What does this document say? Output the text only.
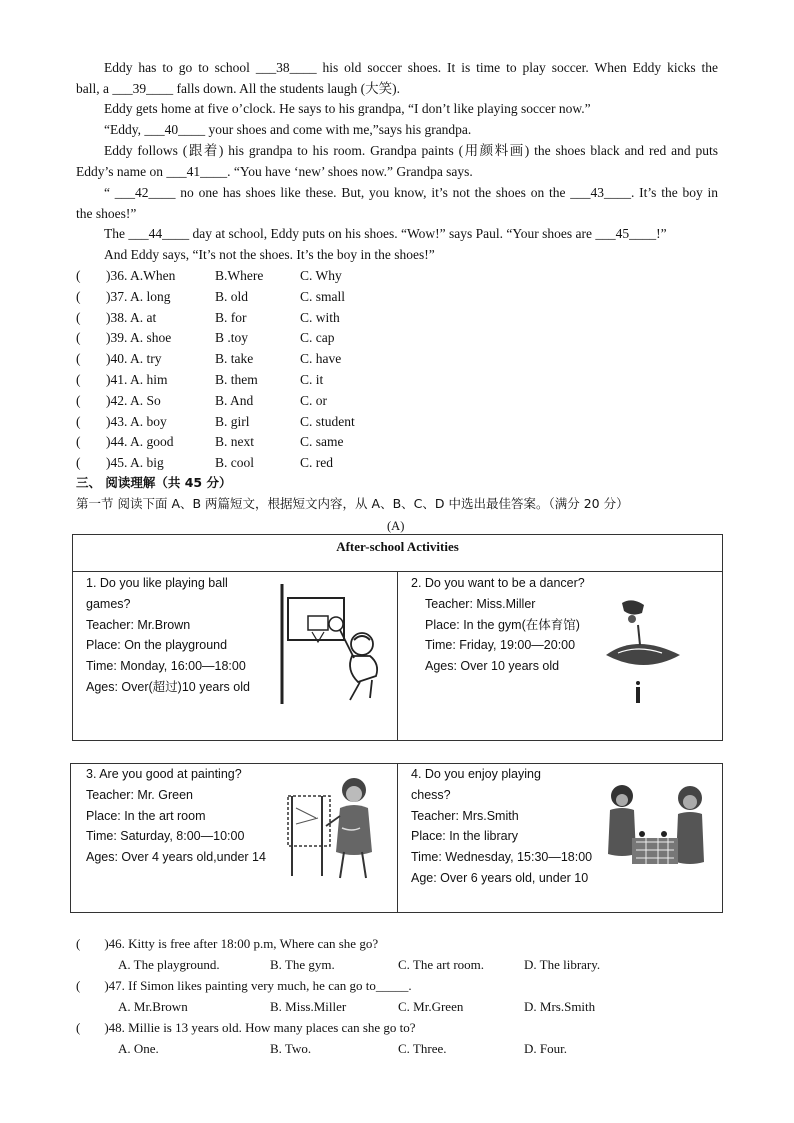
Eddy has to go to school ___38____ his old soccer shoes. It is time to play soccer. When Eddy kicks the
ball, a ___39____ falls down. All the students laugh (大笑).
Eddy gets home at five o’clock. He says to his grandpa, “I don’t like playing soccer now.”
“Eddy, ___40____ your shoes and come with me,”says his grandpa.
Eddy follows (跟着) his grandpa to his room. Grandpa paints (用颜料画) the shoes black and red and puts
Eddy’s name on ___41____. “You have ‘new’ shoes now.” Grandpa says.
“ ___42____ no one has shoes like these. But, you know, it’s not the shoes on the ___43____. It’s the boy in
the shoes!”
The ___44____ day at school, Eddy puts on his shoes. “Wow!” says Paul. “Your shoes are ___45____!”
And Eddy says, “It’s not the shoes. It’s the boy in the shoes!”
( )36. A.When	B.Where	C. Why
( )37. A. long	B. old	C. small
( )38. A. at	B. for	C. with
( )39. A. shoe	B .toy	C. cap
( )40. A. try	B. take	C. have
( )41. A. him	B. them	C. it
( )42. A. So	B. And	C. or
( )43. A. boy	B. girl	C. student
( )44. A. good	B. next	C. same
( )45. A. big	B. cool	C. red
三、 阅读理解（共 45 分）
第一节 阅读下面 A、B 两篇短文，根据短文内容，从 A、B、C、D 中选出最佳答案。（满分 20 分）
(A)
After-school Activities
1. Do you like playing ball
games?
Teacher: Mr.Brown
Place: On the playground
Time: Monday, 16:00—18:00
Ages: Over(超过)10 years old
2. Do you want to be a dancer?
Teacher: Miss.Miller
Place: In the gym(在体育馆)
Time: Friday, 19:00—20:00
Ages: Over 10 years old
3. Are you good at painting?
Teacher: Mr. Green
Place: In the art room
Time: Saturday, 8:00—10:00
Ages: Over 4 years old,under 14
4. Do you enjoy playing
chess?
Teacher: Mrs.Smith
Place: In the library
Time: Wednesday, 15:30—18:00
Age: Over 6 years old, under 10
( )46. Kitty is free after 18:00 p.m, Where can she go?
A. The playground.	B. The gym.	C. The art room.	D. The library.
( )47. If Simon likes painting very much, he can go to_____.
A. Mr.Brown	B. Miss.Miller	C. Mr.Green	D. Mrs.Smith
( )48. Millie is 13 years old. How many places can she go to?
A. One.	B. Two.	C. Three.	D. Four.
